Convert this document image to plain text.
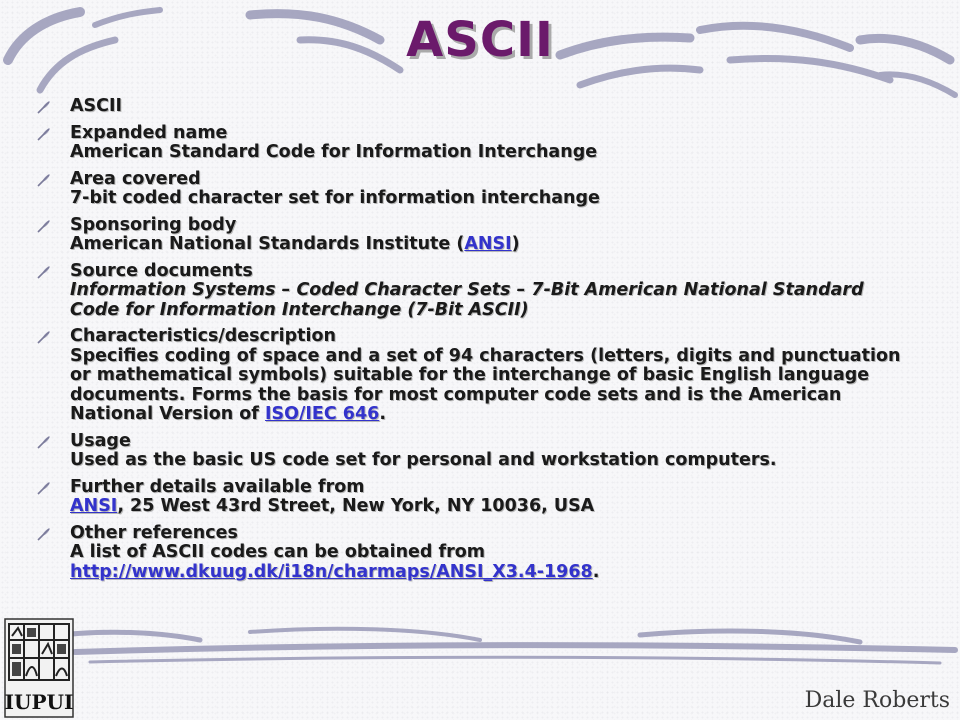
ASCII
ASCII
Expanded name
American Standard Code for Information Interchange
Area covered
7-bit coded character set for information interchange
Sponsoring body
American National Standards Institute (ANSI)
Source documents
Information Systems – Coded Character Sets – 7-Bit American National Standard
Code for Information Interchange (7-Bit ASCII)
Characteristics/description
Specifies coding of space and a set of 94 characters (letters, digits and punctuation
or mathematical symbols) suitable for the interchange of basic English language
documents. Forms the basis for most computer code sets and is the American
National Version of ISO/IEC 646.
Usage
Used as the basic US code set for personal and workstation computers.
Further details available from
ANSI, 25 West 43rd Street, New York, NY 10036, USA
Other references
A list of ASCII codes can be obtained from
http://www.dkuug.dk/i18n/charmaps/ANSI_X3.4-1968.
IUPUI	Dale Roberts
